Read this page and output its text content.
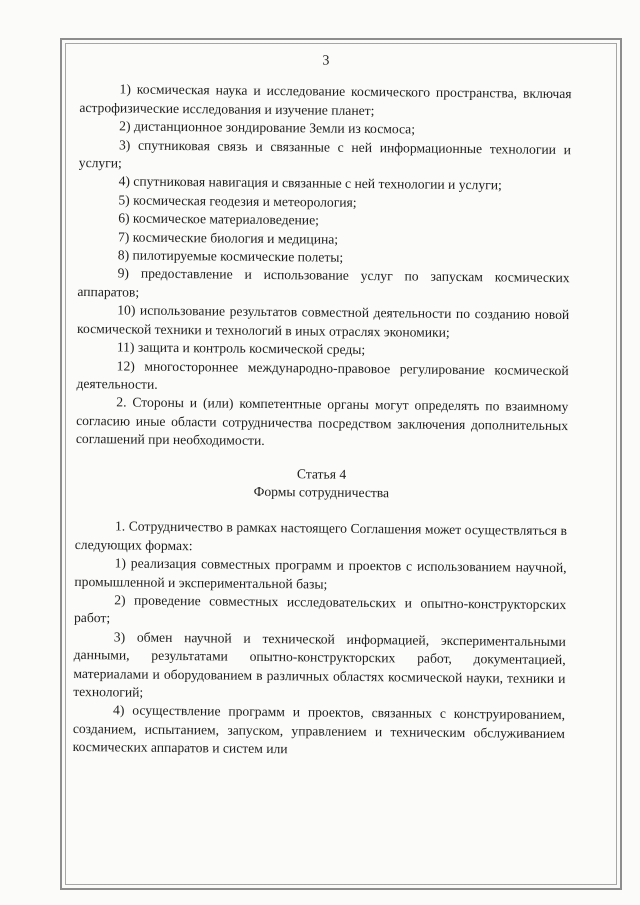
3

1) космическая наука и исследование космического пространства, включая астрофизические исследования и изучение планет;

2) дистанционное зондирование Земли из космоса;

3) спутниковая связь и связанные с ней информационные технологии и услуги;

4) спутниковая навигация и связанные с ней технологии и услуги;

5) космическая геодезия и метеорология;

6) космическое материаловедение;

7) космические биология и медицина;

8) пилотируемые космические полеты;

9) предоставление и использование услуг по запускам космических аппаратов;

10) использование результатов совместной деятельности по созданию новой космической техники и технологий в иных отраслях экономики;

11) защита и контроль космической среды;

12) многостороннее международно-правовое регулирование космической деятельности.

2. Стороны и (или) компетентные органы могут определять по взаимному согласию иные области сотрудничества посредством заключения дополнительных соглашений при необходимости.

Статья 4

Формы сотрудничества

1. Сотрудничество в рамках настоящего Соглашения может осуществляться в следующих формах:

1) реализация совместных программ и проектов с использованием научной, промышленной и экспериментальной базы;

2) проведение совместных исследовательских и опытно-конструкторских работ;

3) обмен научной и технической информацией, экспериментальными данными, результатами опытно-конструкторских работ, документацией, материалами и оборудованием в различных областях космической науки, техники и технологий;

4) осуществление программ и проектов, связанных с конструированием, созданием, испытанием, запуском, управлением и техническим обслуживанием космических аппаратов и систем или
